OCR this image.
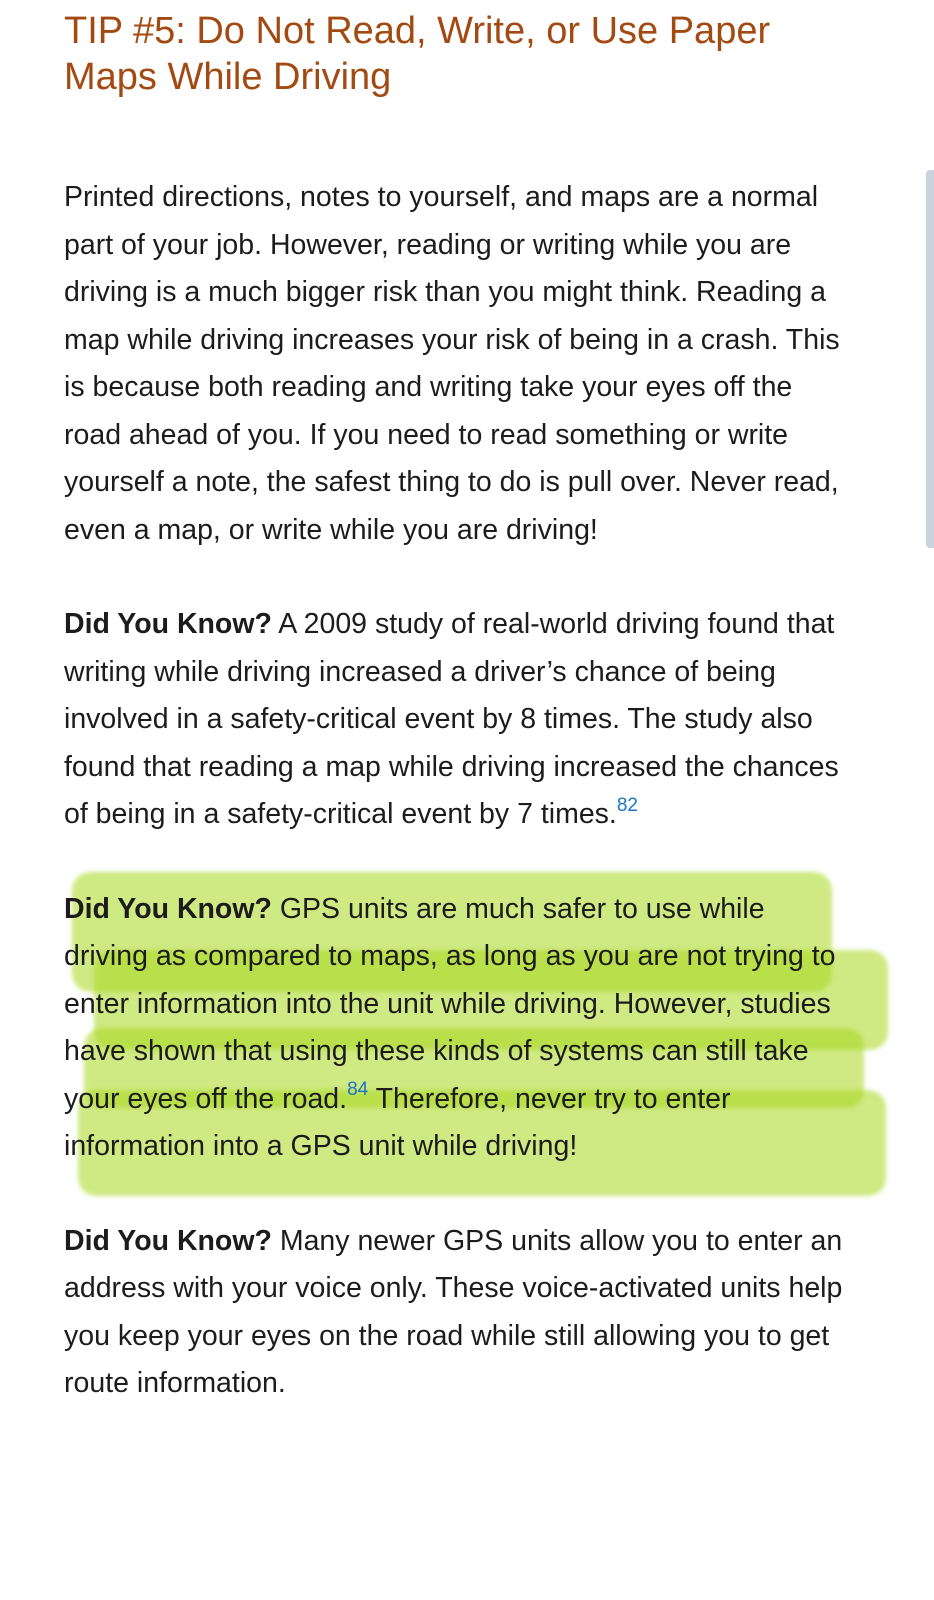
TIP #5: Do Not Read, Write, or Use Paper Maps While Driving

Printed directions, notes to yourself, and maps are a normal part of your job. However, reading or writing while you are driving is a much bigger risk than you might think. Reading a map while driving increases your risk of being in a crash. This is because both reading and writing take your eyes off the road ahead of you. If you need to read something or write yourself a note, the safest thing to do is pull over. Never read, even a map, or write while you are driving!

Did You Know? A 2009 study of real-world driving found that writing while driving increased a driver’s chance of being involved in a safety-critical event by 8 times. The study also found that reading a map while driving increased the chances of being in a safety-critical event by 7 times.$^{82}$

Did You Know? GPS units are much safer to use while driving as compared to maps, as long as you are not trying to enter information into the unit while driving. However, studies have shown that using these kinds of systems can still take your eyes off the road.$^{84}$ Therefore, never try to enter information into a GPS unit while driving!

Did You Know? Many newer GPS units allow you to enter an address with your voice only. These voice-activated units help you keep your eyes on the road while still allowing you to get route information.
